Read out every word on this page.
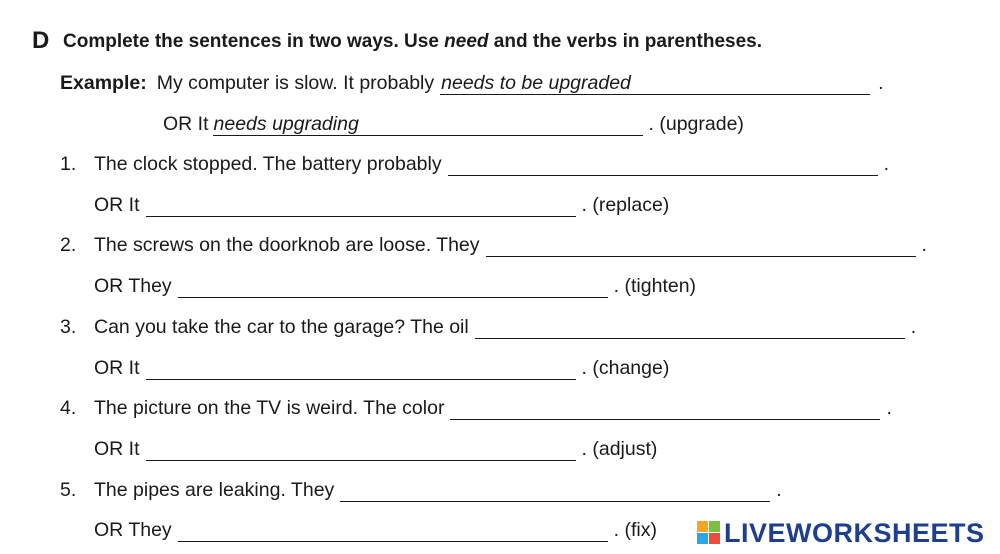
D Complete the sentences in two ways. Use need and the verbs in parentheses.
Example: My computer is slow. It probably needs to be upgraded	.
OR It needs upgrading	. (upgrade)
1. The clock stopped. The battery probably	.
OR It	. (replace)
2. The screws on the doorknob are loose. They	.
OR They	. (tighten)
3. Can you take the car to the garage? The oil	.
OR It	. (change)
4. The picture on the TV is weird. The color	.
OR It	. (adjust)
5. The pipes are leaking. They	.
OR They	. (fix) LIVEWORKSHEETS
